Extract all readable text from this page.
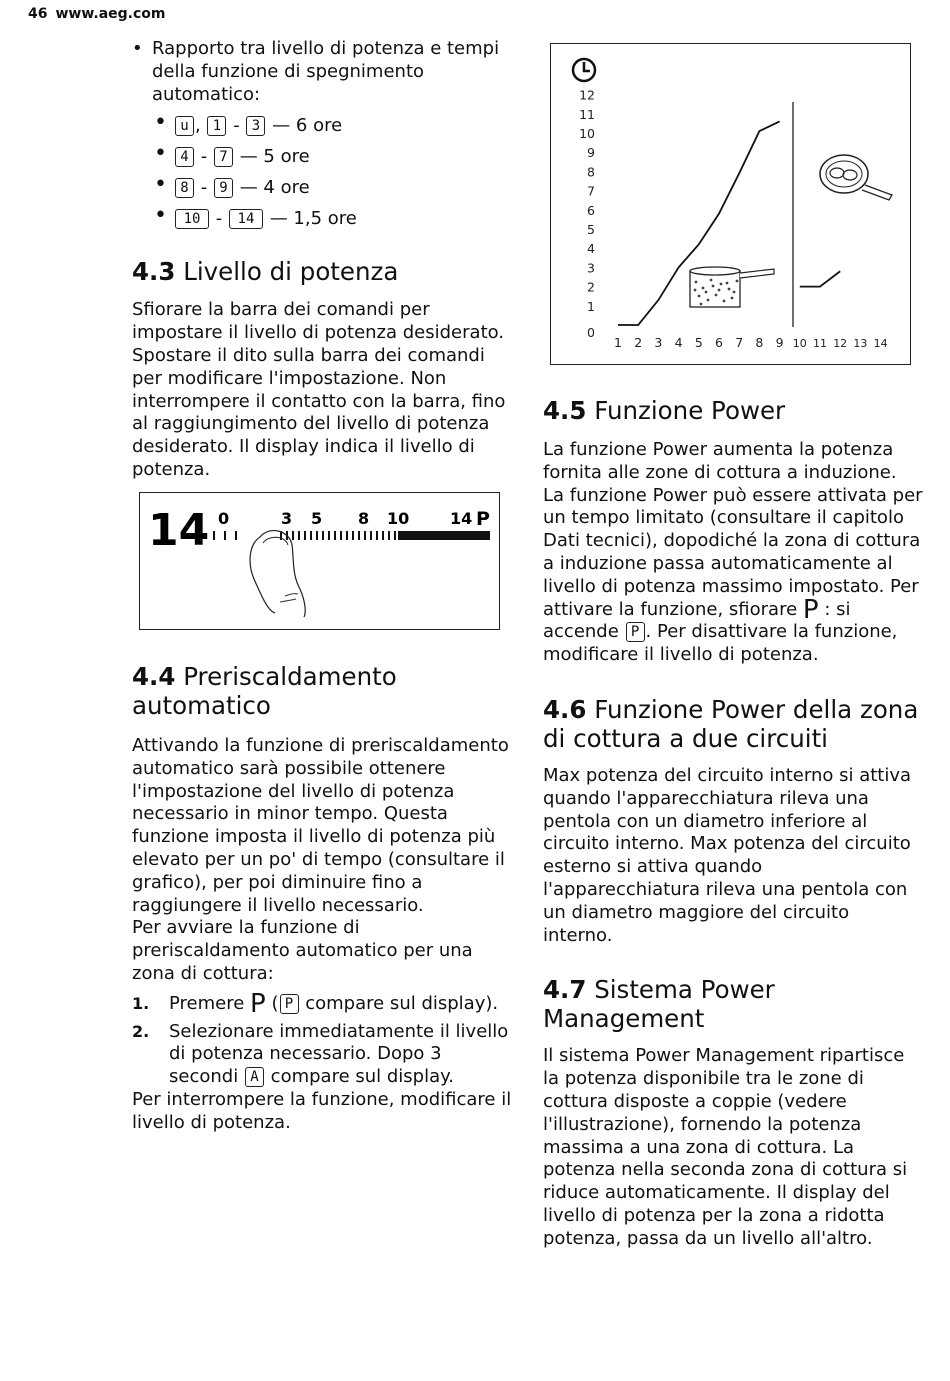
46 www.aeg.com
• Rapporto tra livello di potenza e tempi della funzione di spegnimento automatico:
• u , 1 - 3 — 6 ore
• 4 - 7 — 5 ore
• 8 - 9 — 4 ore
• 10 - 14 — 1,5 ore
4.3 Livello di potenza

Sfiorare la barra dei comandi per impostare il livello di potenza desiderato. Spostare il dito sulla barra dei comandi per modificare l'impostazione. Non interrompere il contatto con la barra, fino al raggiungimento del livello di potenza desiderato. Il display indica il livello di potenza.

14 0	3 5 8 10	14 P
4.4 Preriscaldamento automatico

Attivando la funzione di preriscaldamento automatico sarà possibile ottenere l'impostazione del livello di potenza necessario in minor tempo. Questa funzione imposta il livello di potenza più elevato per un po' di tempo (consultare il grafico), per poi diminuire fino a raggiungere il livello necessario.

Per avviare la funzione di preriscaldamento automatico per una zona di cottura:

1. Premere P ( P compare sul display).
2. Selezionare immediatamente il livello di potenza necessario. Dopo 3 secondi A compare sul display.

Per interrompere la funzione, modificare il livello di potenza.

0
1
2
3
4
5
6
7
8
9
10
11
12
1 2 3 4 5 6 7 8 9 10 11 12 13 14
4.5 Funzione Power

La funzione Power aumenta la potenza fornita alle zone di cottura a induzione. La funzione Power può essere attivata per un tempo limitato (consultare il capitolo Dati tecnici), dopodiché la zona di cottura a induzione passa automaticamente al livello di potenza massimo impostato. Per attivare la funzione, sfiorare P : si accende P . Per disattivare la funzione, modificare il livello di potenza.

4.6 Funzione Power della zona di cottura a due circuiti

Max potenza del circuito interno si attiva quando l'apparecchiatura rileva una pentola con un diametro inferiore al circuito interno. Max potenza del circuito esterno si attiva quando l'apparecchiatura rileva una pentola con un diametro maggiore del circuito interno.

4.7 Sistema Power Management

Il sistema Power Management ripartisce la potenza disponibile tra le zone di cottura disposte a coppie (vedere l'illustrazione), fornendo la potenza massima a una zona di cottura. La potenza nella seconda zona di cottura si riduce automaticamente. Il display del livello di potenza per la zona a ridotta potenza, passa da un livello all'altro.
